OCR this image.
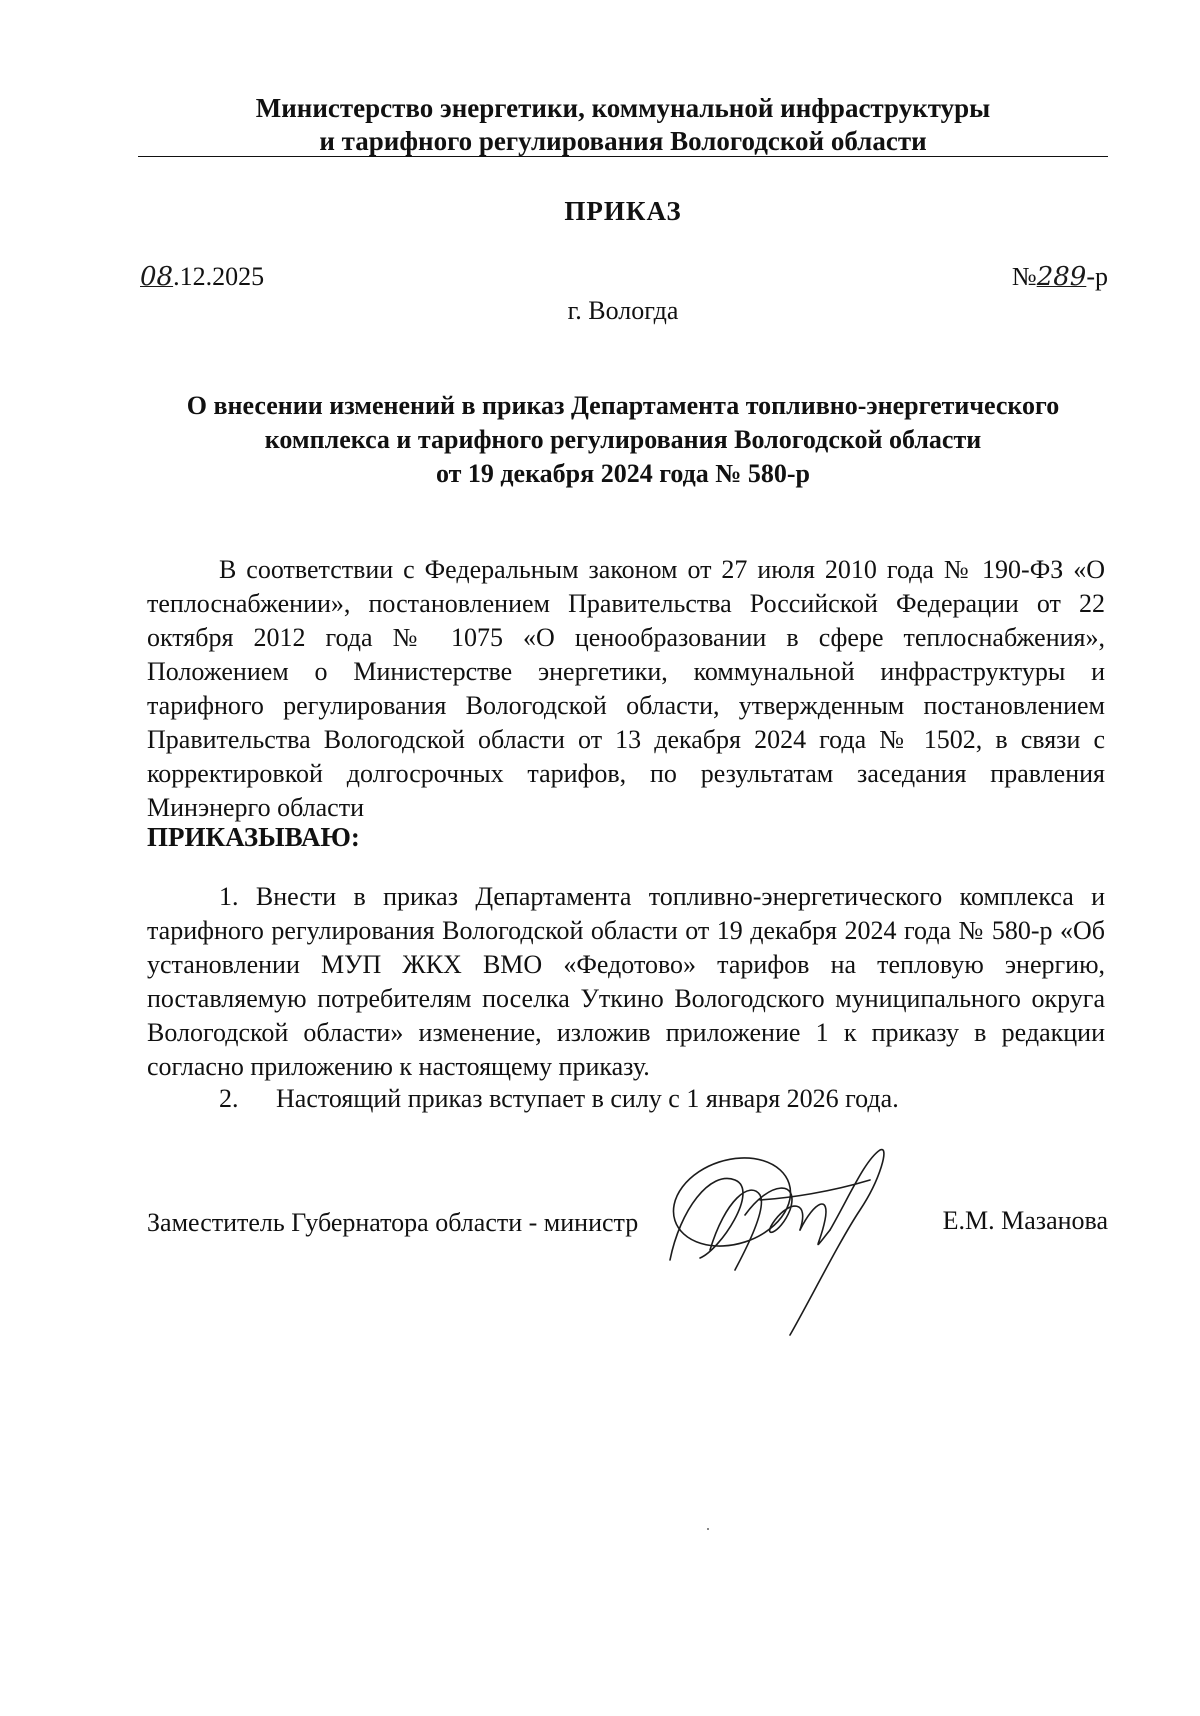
Министерство энергетики, коммунальной инфраструктуры
и тарифного регулирования Вологодской области
ПРИКАЗ
08.12.2025	№289-р
г. Вологда
О внесении изменений в приказ Департамента топливно-энергетического
комплекса и тарифного регулирования Вологодской области
от 19 декабря 2024 года № 580-р
В соответствии с Федеральным законом от 27 июля 2010 года № 190-ФЗ «О теплоснабжении», постановлением Правительства Российской Федерации от 22 октября 2012 года № 1075 «О ценообразовании в сфере теплоснабжения», Положением о Министерстве энергетики, коммунальной инфраструктуры и тарифного регулирования Вологодской области, утвержденным постановлением Правительства Вологодской области от 13 декабря 2024 года № 1502, в связи с корректировкой долгосрочных тарифов, по результатам заседания правления Минэнерго области
ПРИКАЗЫВАЮ:
1. Внести в приказ Департамента топливно-энергетического комплекса и тарифного регулирования Вологодской области от 19 декабря 2024 года № 580-р «Об установлении МУП ЖКХ ВМО «Федотово» тарифов на тепловую энергию, поставляемую потребителям поселка Уткино Вологодского муниципального округа Вологодской области» изменение, изложив приложение 1 к приказу в редакции согласно приложению к настоящему приказу.
2. Настоящий приказ вступает в силу с 1 января 2026 года.
Заместитель Губернатора области - министр	Е.М. Мазанова
